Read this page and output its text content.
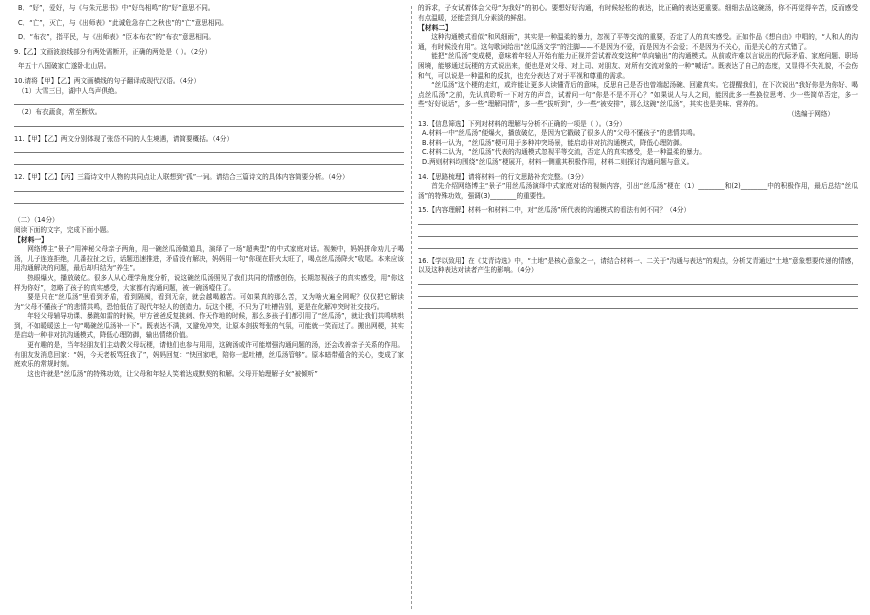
B．“好”，爱好，与《与朱元思书》中“好鸟相鸣”的“好”意思不同。

C．“亡”，灭亡，与《出师表》“此诚危急存亡之秋也”的“亡”意思相同。

D．“布衣”，指平民，与《出师表》“臣本布衣”的“布衣”意思相同。

9.【乙】文画波浪线部分有两处需断开，正确的两处是（ ）。（2分）

年五十八国破家亡遂卧北山居。

10.请将【甲】【乙】两文画横线的句子翻译成现代汉语。（4分）

（1）大雪三日，湖中人鸟声俱绝。

（2）布衣蔬食，常至断炊。

11.【甲】【乙】两文分别体现了张岱不同的人生境遇，请简要概括。（4分）

12.【甲】【乙】【丙】三篇诗文中人物的共同点让人联想到“孤”一词。请结合三篇诗文的具体内容简要分析。（4分）

（二）（14分）

阅读下面的文字，完成下面小题。

【材料一】

网络博主“景子”用神秘父母亲子两角，用一碗丝瓜汤做道具，演绎了一场“超典型”的中式家庭对话。视频中，妈妈拼命劝儿子喝汤，儿子连连拒绝，几番拉扯之后，话题迅速推进，矛盾没有解决，妈妈用一句“你现在肝火太旺了，喝点丝瓜汤降火”收尾。本来应该用沟通解决的问题，最后却归结为“养生”。

热眼爆火，播放破亿。很多人从心理学角度分析，说这碗丝瓜汤照见了我们共同的情感创伤，长期忽视孩子的真实感受，用“你这样为你好”，忽略了孩子的真实感受，大家都有沟通问题，被一碗汤噎住了。

要是只在“丝瓜汤”里看到矛盾，看到隔阂，看到无奈，就会越喝越苦。可如果真的那么苦，又为啥火遍全网呢？仅仅把它解读为“父母不懂孩子”的悲情共鸣，恐怕低估了现代年轻人的创造力。玩这个梗，不只为了吐槽告别，更是在化解冲突时社交技巧。

年轻父母辅导功课、暴跳如雷的时候，甲方爸爸反复挑刺、作天作地的时候，那么多孩子们都引用了“丝瓜汤”，就让我们共鸣哄哄到，不如暖暖送上一句“喝碗丝瓜汤补一下”。既表达不满，又避免冲突，让原本剑拔弩张的气氛，可能就一笑而过了。搬出网梗，其实是启动一种非对抗沟通模式，降低心理防御，输出情绪价值。

更有趣的是，当年轻朋友们主动教父母玩梗，请他们也参与用用，这碗汤或许可能增强沟通问题的汤，还会改善亲子关系的作用。有朋友发消息回家：“妈，今天老板骂狂我了”，妈妈回复：“快回家吧，陪你一起吐槽，丝瓜汤管够”。原本暗带蕴含的关心，变成了家庭欢乐的常规时刻。

这也许就是“丝瓜汤”的特殊功效，让父母和年轻人笑着达成默契的和解。父母开始理解子女“被倾听”

的诉求，子女试着体会父母“为我好”的初心。要想好好沟通，有时候轻松的表达，比正确的表达更重要。细细去品这碗汤，你不再觉得辛苦，反而感受有点温暖，还能尝到几分素淡的鲜甜。

【材料二】

这种沟通模式看似“和风细雨”，其实是一种温柔的暴力，忽视了平等交流的重要，否定了人的真实感受。正如作品《想自由》中唱的，“人和人的沟通，有时候没有用”。这句歌词给出“丝瓜汤文学”的注脚——不是因为不爱，而是因为不会爱；不是因为不关心，而是关心的方式错了。

能把“丝瓜汤”变成梗，意味着年轻人开始有能力正视并尝试着改变这种“单向输出”的沟通模式。从前或许难以言说出的代际矛盾、家庭问题、职场困境，能够通过玩梗的方式说出来，便也是对父母、对上司、对朋友、对所有交流对象的一种“喊话”。既表达了自己的态度，又显得不失礼貌，不会伤和气，可以说是一种温和的反抗，也充分表达了对于平视和尊重的需求。

“丝瓜汤”这个梗的走红，或许能让更多人读懂背后的意味，反思自己是否也曾端起汤碗、回避真实。它提醒我们，在下次说出“我好你是为你好、喝点丝瓜汤”之前，先认真聆听一下对方的声音，试着问一句“你是不是不开心？”如果说人与人之间，能因此多一些换位思考、少一些简单否定，多一些“好好说话”，多一些“理解同情”，多一些“拔听到”，少一些“被安排”，那么这碗“丝瓜汤”，其实也是美味、营养的。

（选编于网络）

13.【信息筛选】下列对材料的理解与分析不正确的一项是（ ）。（3分）

A.材料一中“丝瓜汤”便爆火，播放破亿，是因为它戳破了很多人的“父母不懂孩子”的悲情共鸣。

B.材料一认为，“丝瓜汤”梗可用于多种冲突场景，能启动非对抗沟通模式，降低心理防御。

C.材料二认为，“丝瓜汤”代表的沟通模式忽视平等交流，否定人的真实感受，是一种温柔的暴力。

D.两则材料均围绕“丝瓜汤”梗展开，材料一侧重其积极作用，材料二则探讨沟通问题与意义。

14.【思路梳理】请将材料一的行文思路补充完整。（3分）

首先介绍网络博主“景子”用丝瓜汤演绎中式家庭对话的视频内容，引出“丝瓜汤”梗在（1）________和(2)________中的积极作用，最后总结“丝瓜汤”的特殊功效，强调(3)________的重要性。

15.【内容理解】材料一和材料二中，对“丝瓜汤”所代表的沟通模式的看法有何不同？（4分）

16.【学以致用】在《艾青诗选》中，“土地”是核心意象之一，请结合材料一、二关于“沟通与表达”的观点，分析艾青通过“土地”意象想要传递的情感，以及这种表达对读者产生的影响。（4分）
